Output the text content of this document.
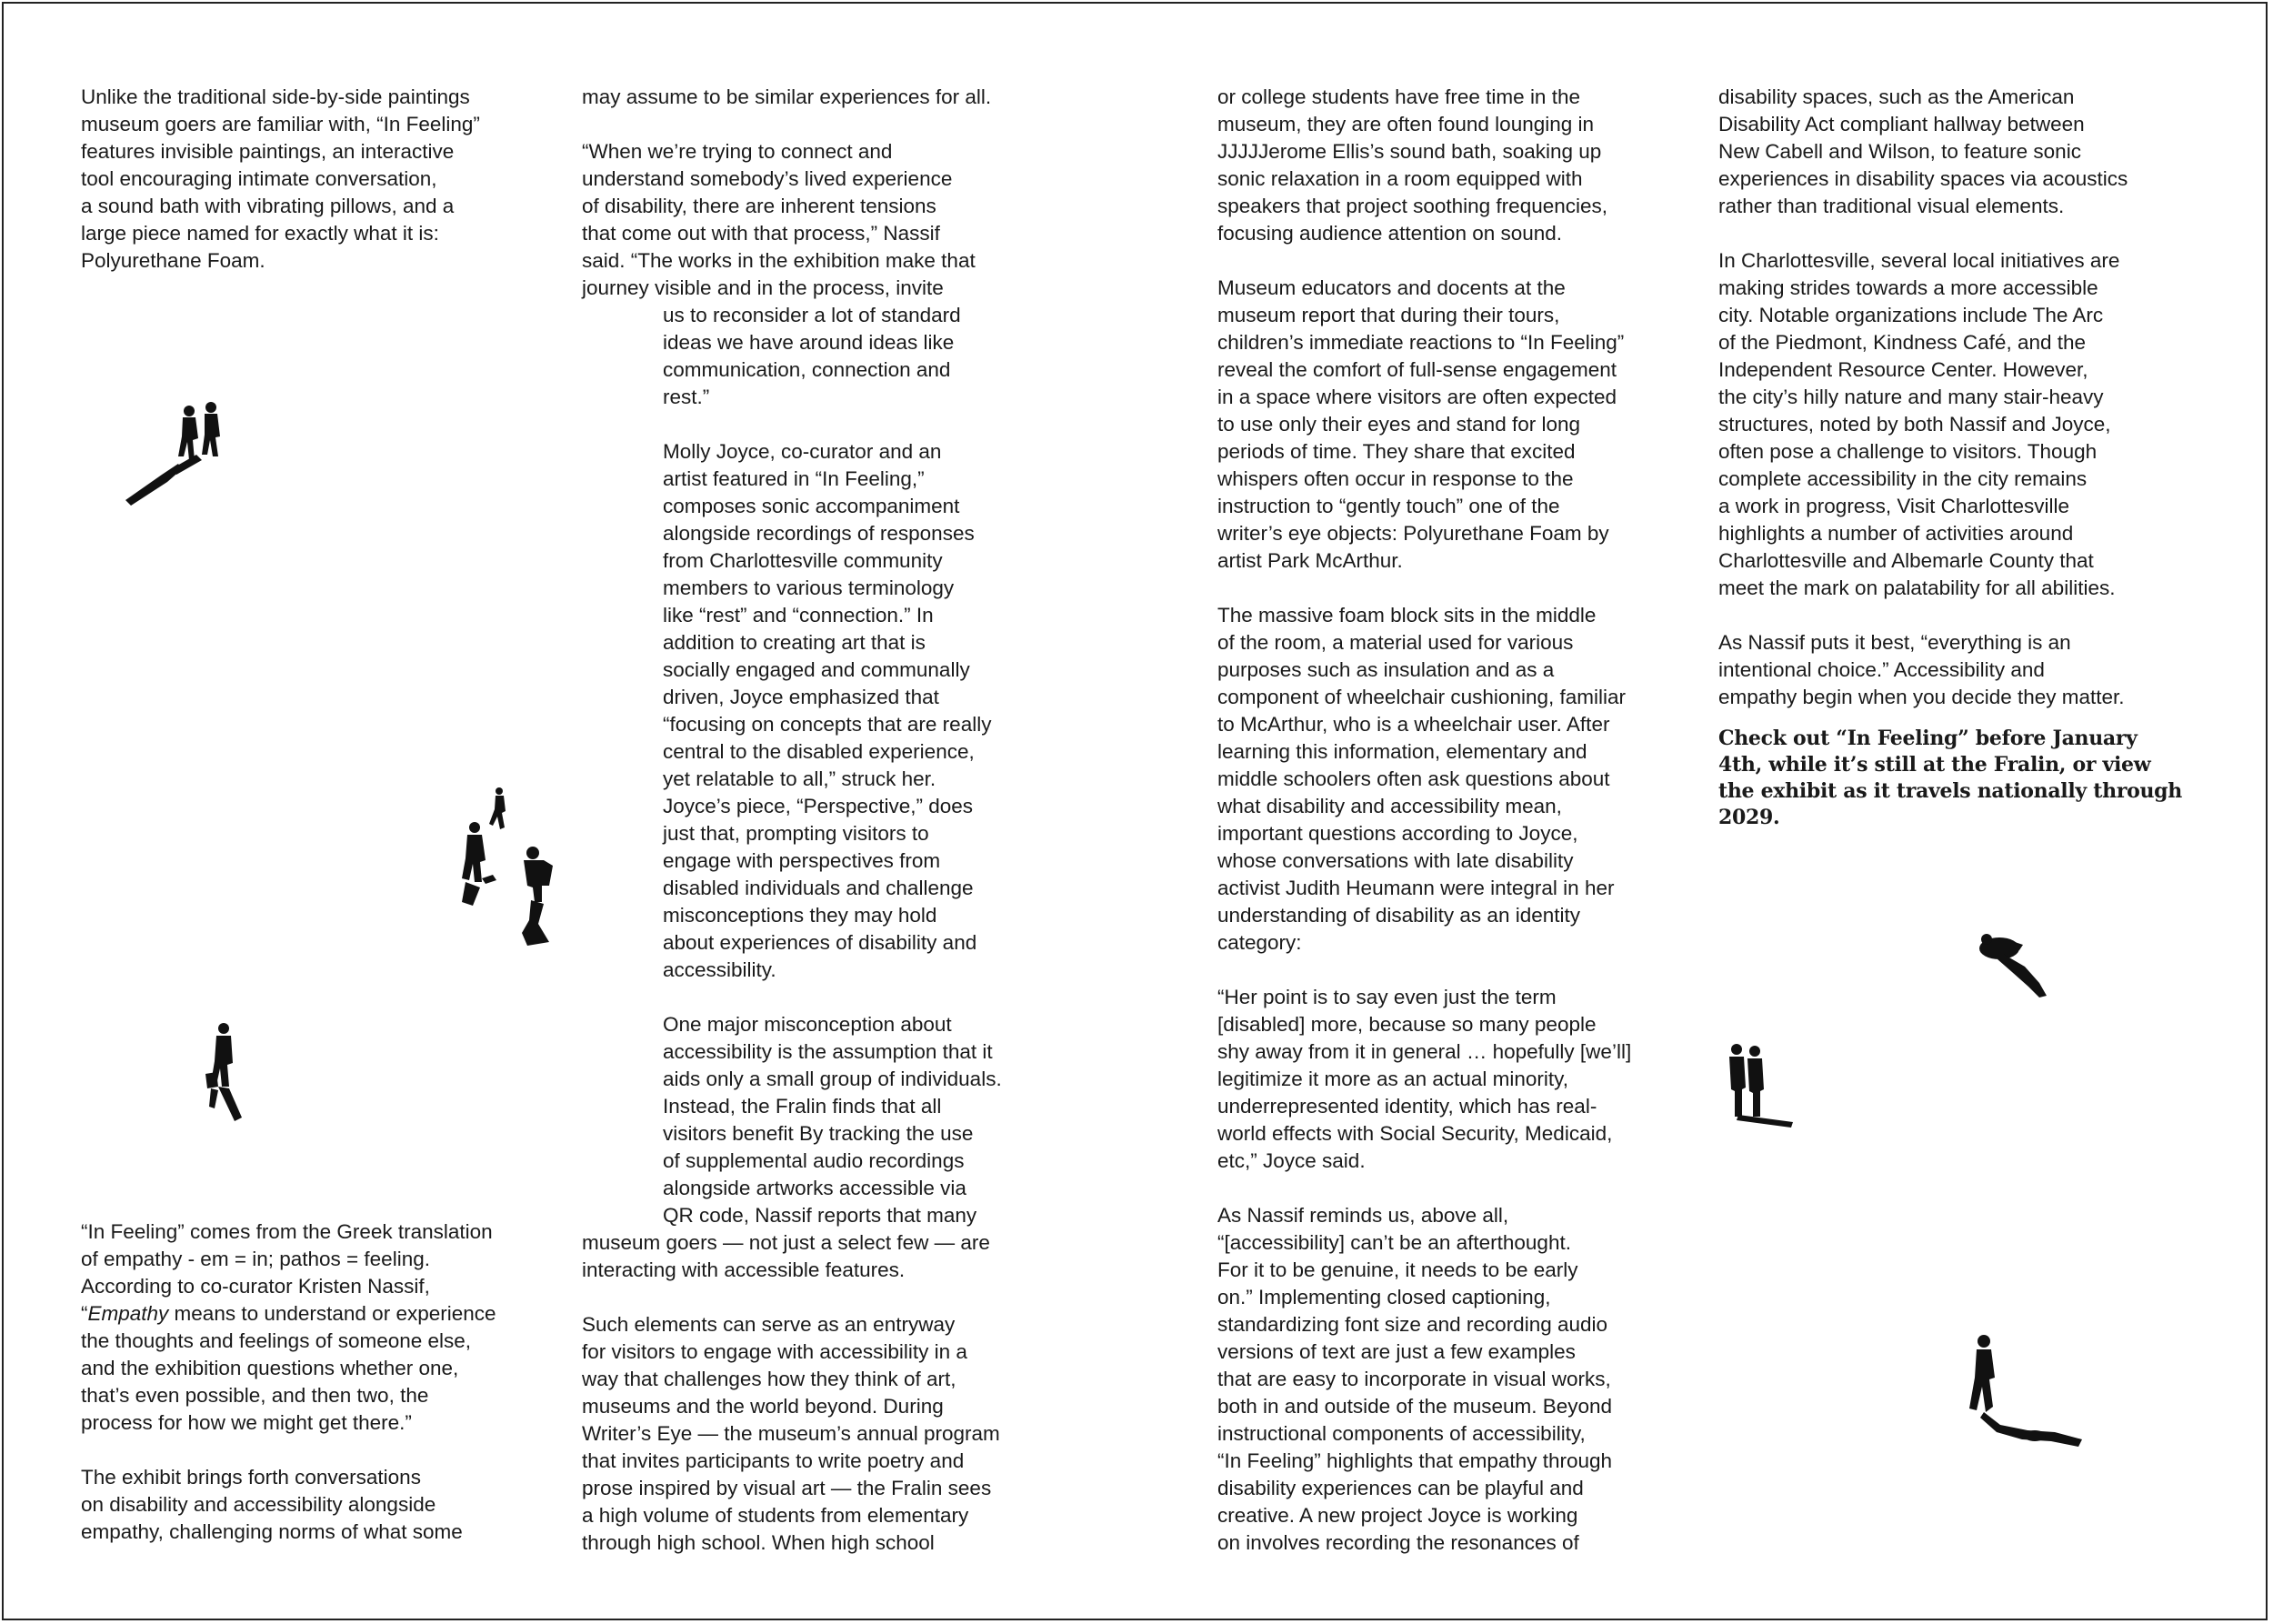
Unlike the traditional side-by-side paintings
museum goers are familiar with, “In Feeling”
features invisible paintings, an interactive
tool encouraging intimate conversation,
a sound bath with vibrating pillows, and a
large piece named for exactly what it is:
Polyurethane Foam.

“In Feeling” comes from the Greek translation
of empathy - em = in; pathos = feeling.
According to co-curator Kristen Nassif,
“Empathy means to understand or experience
the thoughts and feelings of someone else,
and the exhibition questions whether one,
that’s even possible, and then two, the
process for how we might get there.”

The exhibit brings forth conversations
on disability and accessibility alongside
empathy, challenging norms of what some

may assume to be similar experiences for all.

“When we’re trying to connect and
understand somebody’s lived experience
of disability, there are inherent tensions
that come out with that process,” Nassif
said. “The works in the exhibition make that
journey visible and in the process, invite

us to reconsider a lot of standard
ideas we have around ideas like
communication, connection and
rest.”

Molly Joyce, co-curator and an
artist featured in “In Feeling,”
composes sonic accompaniment
alongside recordings of responses
from Charlottesville community
members to various terminology
like “rest” and “connection.” In
addition to creating art that is
socially engaged and communally
driven, Joyce emphasized that
“focusing on concepts that are really
central to the disabled experience,
yet relatable to all,” struck her.
Joyce’s piece, “Perspective,” does
just that, prompting visitors to
engage with perspectives from
disabled individuals and challenge
misconceptions they may hold
about experiences of disability and
accessibility.

One major misconception about
accessibility is the assumption that it
aids only a small group of individuals.
Instead, the Fralin finds that all
visitors benefit By tracking the use
of supplemental audio recordings
alongside artworks accessible via
QR code, Nassif reports that many

museum goers — not just a select few — are
interacting with accessible features.

Such elements can serve as an entryway
for visitors to engage with accessibility in a
way that challenges how they think of art,
museums and the world beyond. During
Writer’s Eye — the museum’s annual program
that invites participants to write poetry and
prose inspired by visual art — the Fralin sees
a high volume of students from elementary
through high school. When high school

or college students have free time in the
museum, they are often found lounging in
JJJJJerome Ellis’s sound bath, soaking up
sonic relaxation in a room equipped with
speakers that project soothing frequencies,
focusing audience attention on sound.

Museum educators and docents at the
museum report that during their tours,
children’s immediate reactions to “In Feeling”
reveal the comfort of full-sense engagement
in a space where visitors are often expected
to use only their eyes and stand for long
periods of time. They share that excited
whispers often occur in response to the
instruction to “gently touch” one of the
writer’s eye objects: Polyurethane Foam by
artist Park McArthur.

The massive foam block sits in the middle
of the room, a material used for various
purposes such as insulation and as a
component of wheelchair cushioning, familiar
to McArthur, who is a wheelchair user. After
learning this information, elementary and
middle schoolers often ask questions about
what disability and accessibility mean,
important questions according to Joyce,
whose conversations with late disability
activist Judith Heumann were integral in her
understanding of disability as an identity
category:

“Her point is to say even just the term
[disabled] more, because so many people
shy away from it in general … hopefully [we’ll]
legitimize it more as an actual minority,
underrepresented identity, which has real-
world effects with Social Security, Medicaid,
etc,” Joyce said.

As Nassif reminds us, above all,
“[accessibility] can’t be an afterthought.
For it to be genuine, it needs to be early
on.” Implementing closed captioning,
standardizing font size and recording audio
versions of text are just a few examples
that are easy to incorporate in visual works,
both in and outside of the museum. Beyond
instructional components of accessibility,
“In Feeling” highlights that empathy through
disability experiences can be playful and
creative. A new project Joyce is working
on involves recording the resonances of

disability spaces, such as the American
Disability Act compliant hallway between
New Cabell and Wilson, to feature sonic
experiences in disability spaces via acoustics
rather than traditional visual elements.

In Charlottesville, several local initiatives are
making strides towards a more accessible
city. Notable organizations include The Arc
of the Piedmont, Kindness Café, and the
Independent Resource Center. However,
the city’s hilly nature and many stair-heavy
structures, noted by both Nassif and Joyce,
often pose a challenge to visitors. Though
complete accessibility in the city remains
a work in progress, Visit Charlottesville
highlights a number of activities around
Charlottesville and Albemarle County that
meet the mark on palatability for all abilities.

As Nassif puts it best, “everything is an
intentional choice.” Accessibility and
empathy begin when you decide they matter.

Check out “In Feeling” before January
4th, while it’s still at the Fralin, or view
the exhibit as it travels nationally through
2029.
